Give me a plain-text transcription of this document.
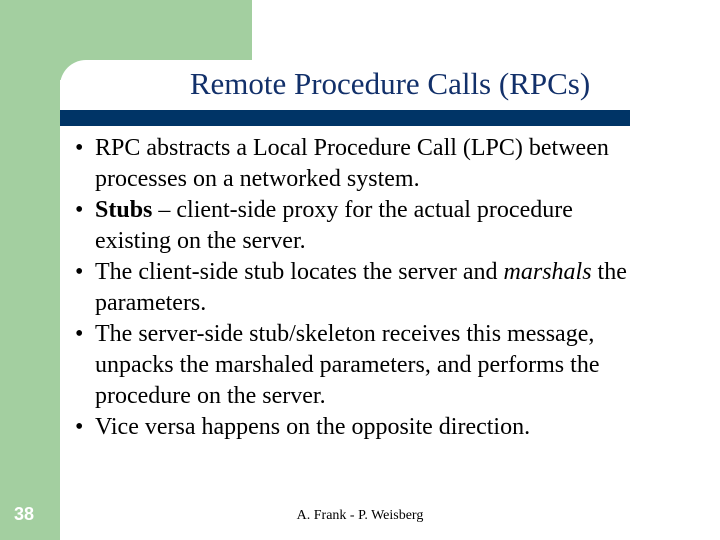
Remote Procedure Calls (RPCs)
• RPC abstracts a Local Procedure Call (LPC) between
processes on a networked system.
• Stubs – client-side proxy for the actual procedure
existing on the server.
• The client-side stub locates the server and marshals the
parameters.
• The server-side stub/skeleton receives this message,
unpacks the marshaled parameters, and performs the
procedure on the server.
• Vice versa happens on the opposite direction.
38	A. Frank - P. Weisberg
